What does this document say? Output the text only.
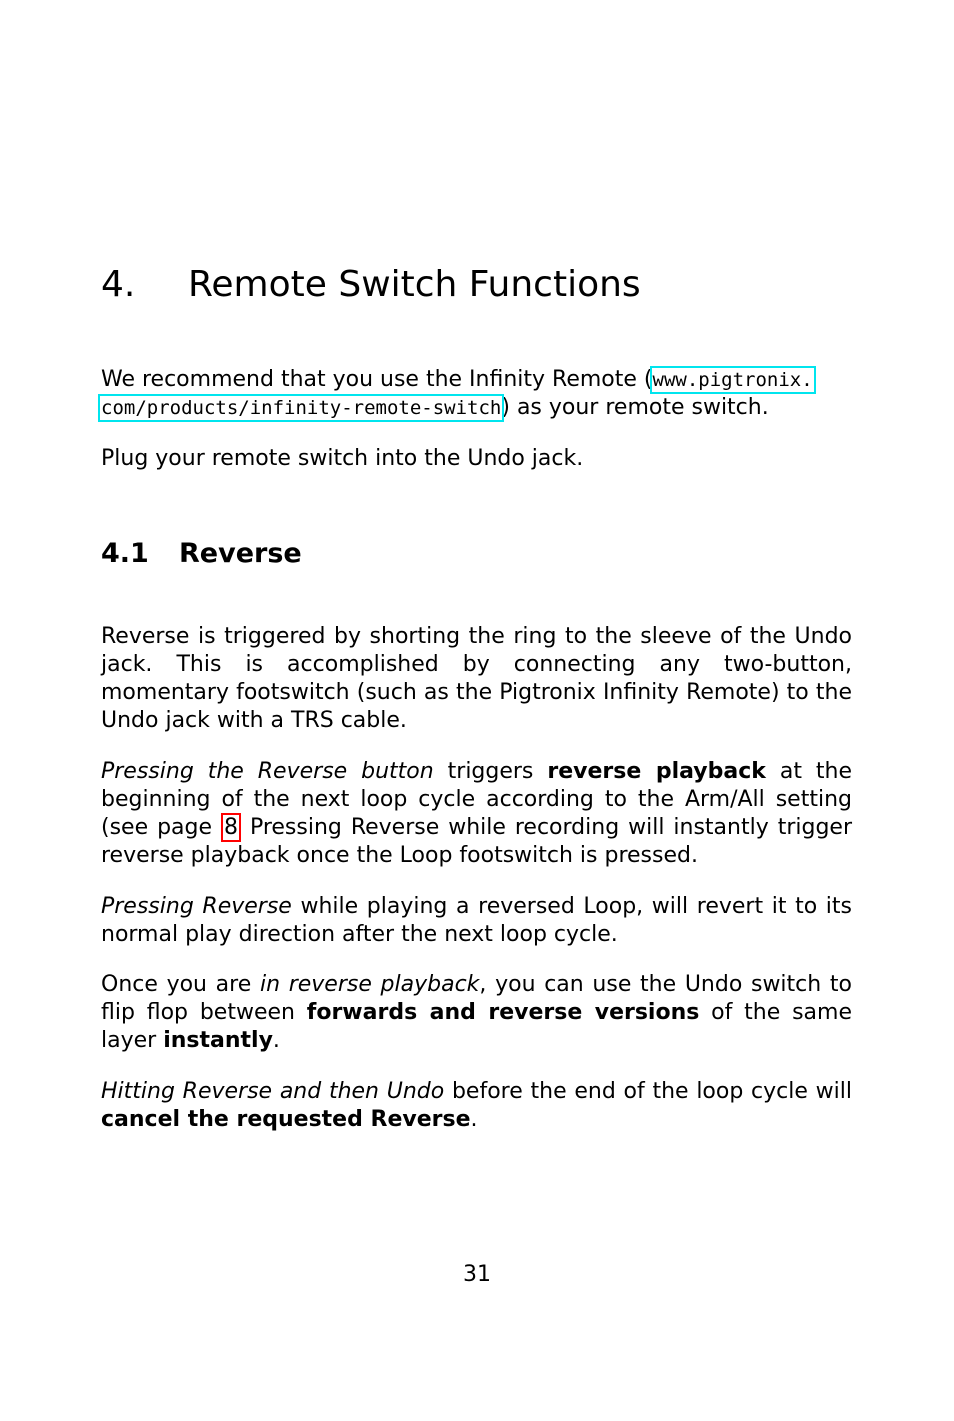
4. Remote Switch Functions

We recommend that you use the Infinity Remote (www.pigtronix.
com/products/infinity-remote-switch) as your remote switch.

Plug your remote switch into the Undo jack.

4.1 Reverse

Reverse is triggered by shorting the ring to the sleeve of the Undo jack. This is accomplished by connecting any two-button, momentary footswitch (such as the Pigtronix Infinity Remote) to the Undo jack with a TRS cable.

Pressing the Reverse button triggers reverse playback at the beginning of the next loop cycle according to the Arm/All setting (see page 8 Pressing Reverse while recording will instantly trigger reverse playback once the Loop footswitch is pressed.

Pressing Reverse while playing a reversed Loop, will revert it to its normal play direction after the next loop cycle.

Once you are in reverse playback, you can use the Undo switch to flip flop between forwards and reverse versions of the same layer instantly.

Hitting Reverse and then Undo before the end of the loop cycle will cancel the requested Reverse.

31
